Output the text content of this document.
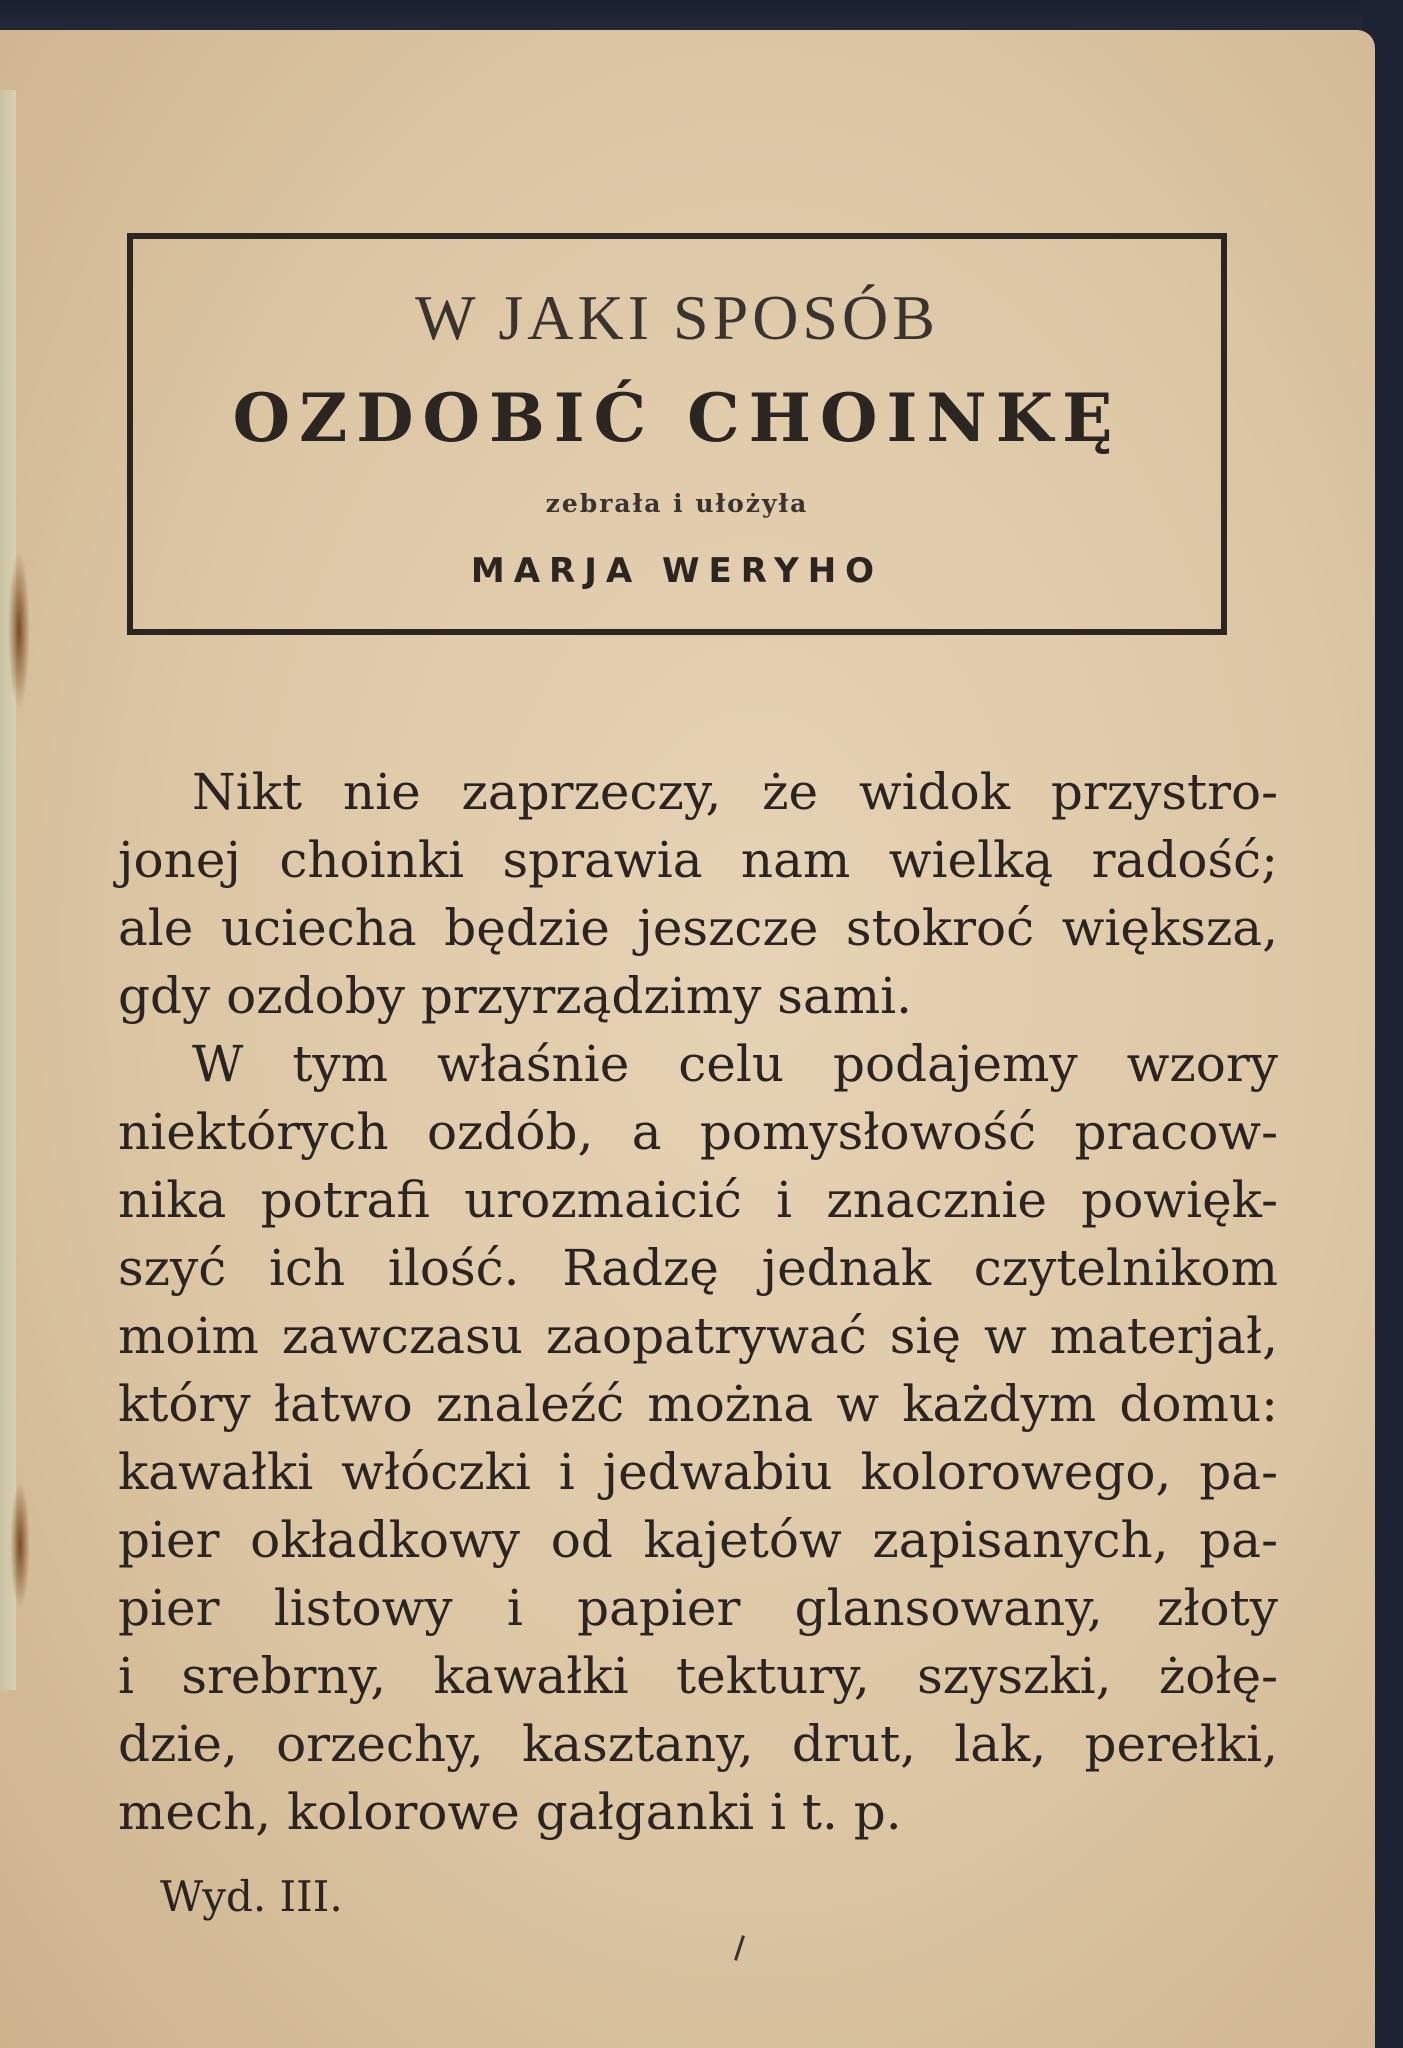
W JAKI SPOSÓB
OZDOBIĆ CHOINKĘ
zebrała i ułożyła
MARJA WERYHO
Nikt nie zaprzeczy, że widok przystro-
jonej choinki sprawia nam wielką radość;
ale uciecha będzie jeszcze stokroć większa,
gdy ozdoby przyrządzimy sami.
W tym właśnie celu podajemy wzory
niektórych ozdób, a pomysłowość pracow-
nika potrafi urozmaicić i znacznie powięk-
szyć ich ilość. Radzę jednak czytelnikom
moim zawczasu zaopatrywać się w materjał,
który łatwo znaleźć można w każdym domu:
kawałki włóczki i jedwabiu kolorowego, pa-
pier okładkowy od kajetów zapisanych, pa-
pier listowy i papier glansowany, złoty
i srebrny, kawałki tektury, szyszki, żołę-
dzie, orzechy, kasztany, drut, lak, perełki,
mech, kolorowe gałganki i t. p.
Wyd. III.
